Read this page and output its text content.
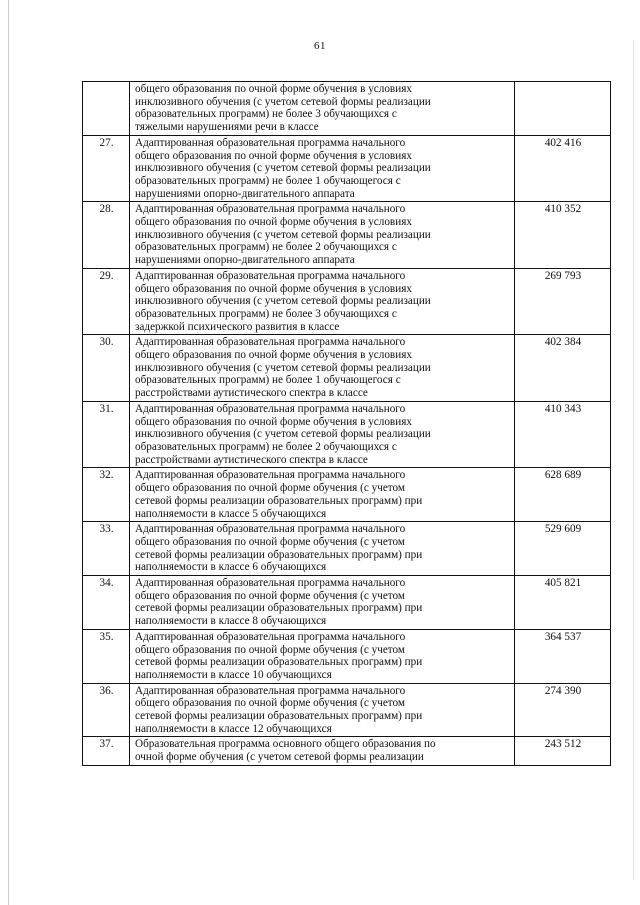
61

	общего образования по очной форме обучения в условиях
инклюзивного обучения (с учетом сетевой формы реализации
образовательных программ) не более 3 обучающихся с
тяжелыми нарушениями речи в классе	

27.	Адаптированная образовательная программа начального
общего образования по очной форме обучения в условиях
инклюзивного обучения (с учетом сетевой формы реализации
образовательных программ) не более 1 обучающегося с
нарушениями опорно-двигательного аппарата	402 416
28.	Адаптированная образовательная программа начального
общего образования по очной форме обучения в условиях
инклюзивного обучения (с учетом сетевой формы реализации
образовательных программ) не более 2 обучающихся с
нарушениями опорно-двигательного аппарата	410 352
29.	Адаптированная образовательная программа начального
общего образования по очной форме обучения в условиях
инклюзивного обучения (с учетом сетевой формы реализации
образовательных программ) не более 3 обучающихся с
задержкой психического развития в классе	269 793
30.	Адаптированная образовательная программа начального
общего образования по очной форме обучения в условиях
инклюзивного обучения (с учетом сетевой формы реализации
образовательных программ) не более 1 обучающегося с
расстройствами аутистического спектра в классе	402 384
31.	Адаптированная образовательная программа начального
общего образования по очной форме обучения в условиях
инклюзивного обучения (с учетом сетевой формы реализации
образовательных программ) не более 2 обучающихся с
расстройствами аутистического спектра в классе	410 343
32.	Адаптированная образовательная программа начального
общего образования по очной форме обучения (с учетом
сетевой формы реализации образовательных программ) при
наполняемости в классе 5 обучающихся	628 689
33.	Адаптированная образовательная программа начального
общего образования по очной форме обучения (с учетом
сетевой формы реализации образовательных программ) при
наполняемости в классе 6 обучающихся	529 609
34.	Адаптированная образовательная программа начального
общего образования по очной форме обучения (с учетом
сетевой формы реализации образовательных программ) при
наполняемости в классе 8 обучающихся	405 821
35.	Адаптированная образовательная программа начального
общего образования по очной форме обучения (с учетом
сетевой формы реализации образовательных программ) при
наполняемости в классе 10 обучающихся	364 537
36.	Адаптированная образовательная программа начального
общего образования по очной форме обучения (с учетом
сетевой формы реализации образовательных программ) при
наполняемости в классе 12 обучающихся	274 390
37.	Образовательная программа основного общего образования по
очной форме обучения (с учетом сетевой формы реализации	243 512
